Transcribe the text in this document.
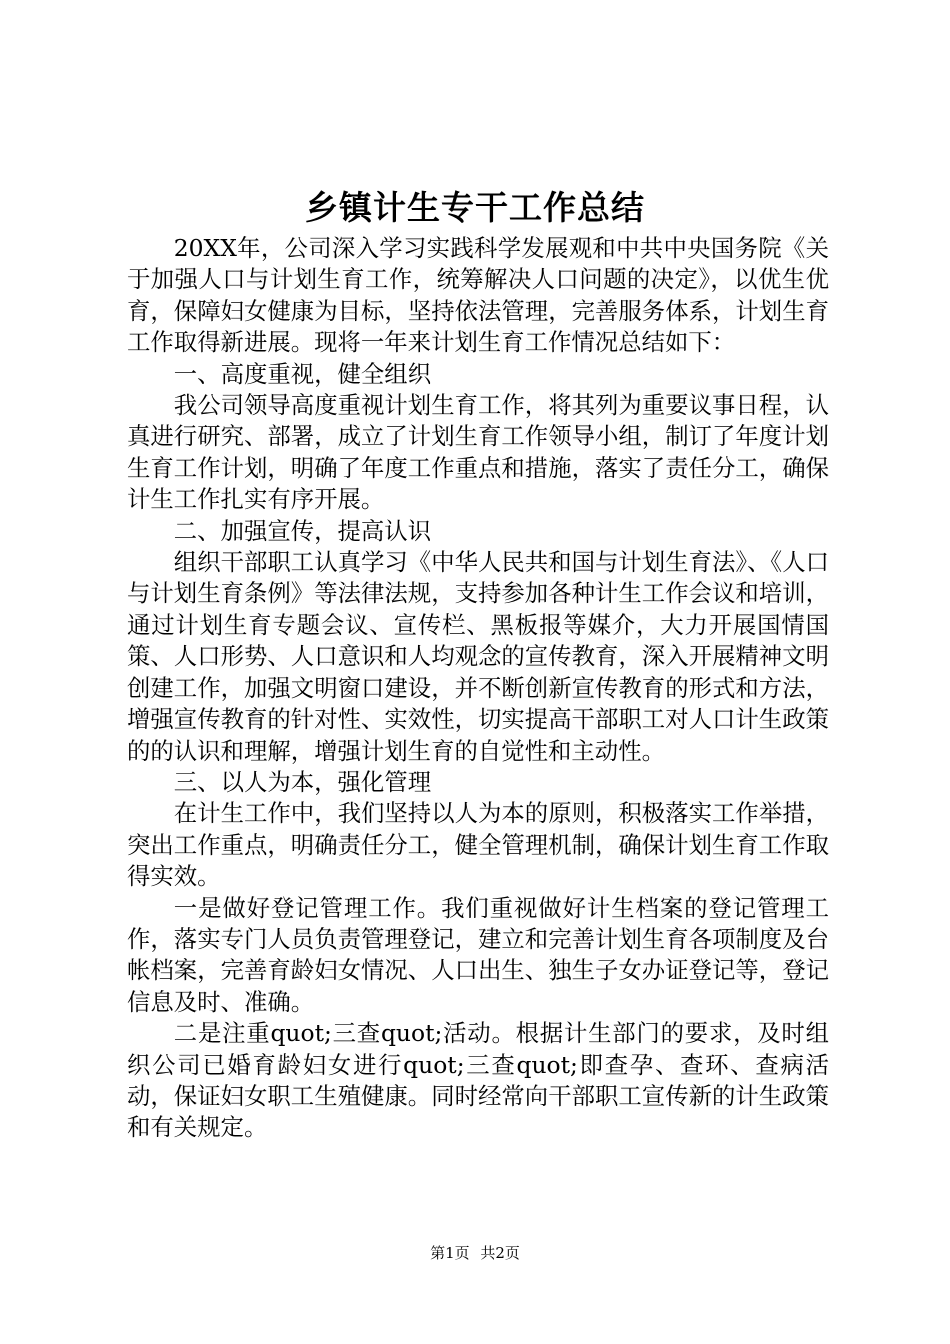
乡镇计生专干工作总结

20XX年，公司深入学习实践科学发展观和中共中央国务院《关于加强人口与计划生育工作，统筹解决人口问题的决定》，以优生优育，保障妇女健康为目标，坚持依法管理，完善服务体系，计划生育工作取得新进展。现将一年来计划生育工作情况总结如下：

一、高度重视，健全组织

我公司领导高度重视计划生育工作，将其列为重要议事日程，认真进行研究、部署，成立了计划生育工作领导小组，制订了年度计划生育工作计划，明确了年度工作重点和措施，落实了责任分工，确保计生工作扎实有序开展。

二、加强宣传，提高认识

组织干部职工认真学习《中华人民共和国与计划生育法》、《人口与计划生育条例》等法律法规，支持参加各种计生工作会议和培训，通过计划生育专题会议、宣传栏、黑板报等媒介，大力开展国情国策、人口形势、人口意识和人均观念的宣传教育，深入开展精神文明创建工作，加强文明窗口建设，并不断创新宣传教育的形式和方法，增强宣传教育的针对性、实效性，切实提高干部职工对人口计生政策的的认识和理解，增强计划生育的自觉性和主动性。

三、以人为本，强化管理

在计生工作中，我们坚持以人为本的原则，积极落实工作举措，突出工作重点，明确责任分工，健全管理机制，确保计划生育工作取得实效。

一是做好登记管理工作。我们重视做好计生档案的登记管理工作，落实专门人员负责管理登记，建立和完善计划生育各项制度及台帐档案，完善育龄妇女情况、人口出生、独生子女办证登记等，登记信息及时、准确。

二是注重quot;三查quot;活动。根据计生部门的要求，及时组织公司已婚育龄妇女进行quot;三查quot;即查孕、查环、查病活动，保证妇女职工生殖健康。同时经常向干部职工宣传新的计生政策和有关规定。

第1页 共2页
